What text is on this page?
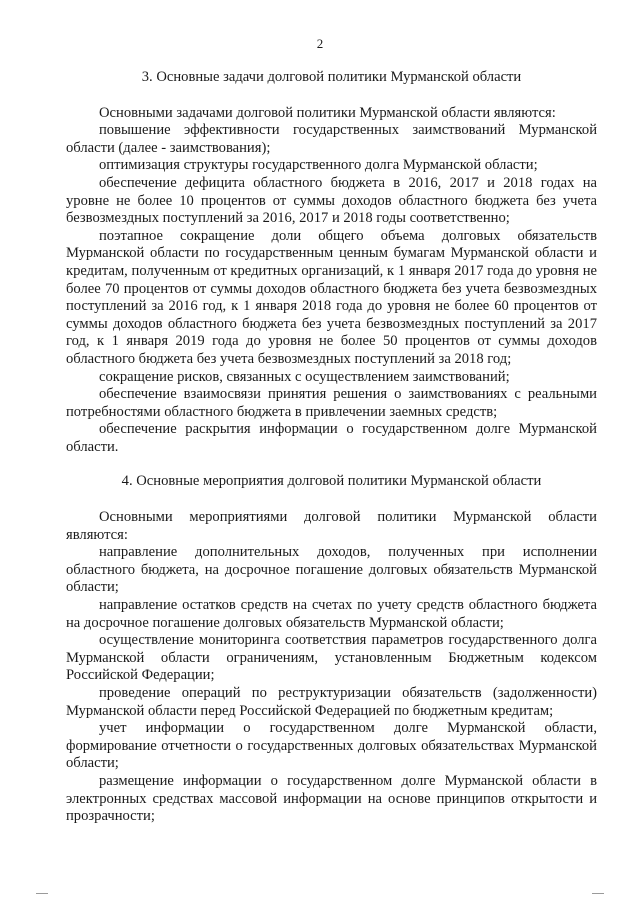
2

3. Основные задачи долговой политики Мурманской области

Основными задачами долговой политики Мурманской области являются:

повышение эффективности государственных заимствований Мурманской области (далее - заимствования);

оптимизация структуры государственного долга Мурманской области;

обеспечение дефицита областного бюджета в 2016, 2017 и 2018 годах на уровне не более 10 процентов от суммы доходов областного бюджета без учета безвозмездных поступлений за 2016, 2017 и 2018 годы соответственно;

поэтапное сокращение доли общего объема долговых обязательств Мурманской области по государственным ценным бумагам Мурманской области и кредитам, полученным от кредитных организаций, к 1 января 2017 года до уровня не более 70 процентов от суммы доходов областного бюджета без учета безвозмездных поступлений за 2016 год, к 1 января 2018 года до уровня не более 60 процентов от суммы доходов областного бюджета без учета безвозмездных поступлений за 2017 год, к 1 января 2019 года до уровня не более 50 процентов от суммы доходов областного бюджета без учета безвозмездных поступлений за 2018 год;

сокращение рисков, связанных с осуществлением заимствований;

обеспечение взаимосвязи принятия решения о заимствованиях с реальными потребностями областного бюджета в привлечении заемных средств;

обеспечение раскрытия информации о государственном долге Мурманской области.

4. Основные мероприятия долговой политики Мурманской области

Основными мероприятиями долговой политики Мурманской области являются:

направление дополнительных доходов, полученных при исполнении областного бюджета, на досрочное погашение долговых обязательств Мурманской области;

направление остатков средств на счетах по учету средств областного бюджета на досрочное погашение долговых обязательств Мурманской области;

осуществление мониторинга соответствия параметров государственного долга Мурманской области ограничениям, установленным Бюджетным кодексом Российской Федерации;

проведение операций по реструктуризации обязательств (задолженности) Мурманской области перед Российской Федерацией по бюджетным кредитам;

учет информации о государственном долге Мурманской области, формирование отчетности о государственных долговых обязательствах Мурманской области;

размещение информации о государственном долге Мурманской области в электронных средствах массовой информации на основе принципов открытости и прозрачности;
